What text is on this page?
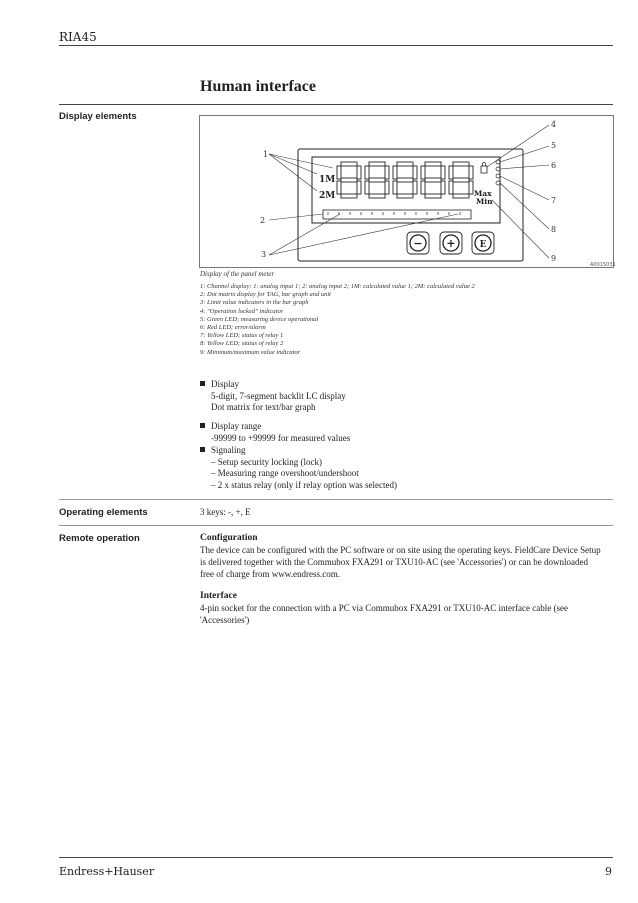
RIA45
Human interface
Display elements
1M
2M	Max
Min
− +	E
1
2
3
4
5
6
7
8
9
A0015031
Display of the panel meter
1: Channel display: 1: analog input 1; 2: analog input 2; 1M: calculated value 1; 2M: calculated value 2
2: Dot matrix display for TAG, bar graph and unit
3: Limit value indicators in the bar graph
4: "Operation locked" indicator
5: Green LED; measuring device operational
6: Red LED; error/alarm
7: Yellow LED; status of relay 1
8: Yellow LED; status of relay 2
9: Minimum/maximum value indicator
Display
5-digit, 7-segment backlit LC display
Dot matrix for text/bar graph
Display range
-99999 to +99999 for measured values
Signaling
– Setup security locking (lock)
– Measuring range overshoot/undershoot
– 2 x status relay (only if relay option was selected)
Operating elements	3 keys: -, +, E
Remote operation	Configuration
The device can be configured with the PC software or on site using the operating keys. FieldCare Device Setup
is delivered together with the Commubox FXA291 or TXU10-AC (see 'Accessories') or can be downloaded
free of charge from www.endress.com.
Interface
4-pin socket for the connection with a PC via Commubox FXA291 or TXU10-AC interface cable (see
'Accessories')
Endress+Hauser	9
